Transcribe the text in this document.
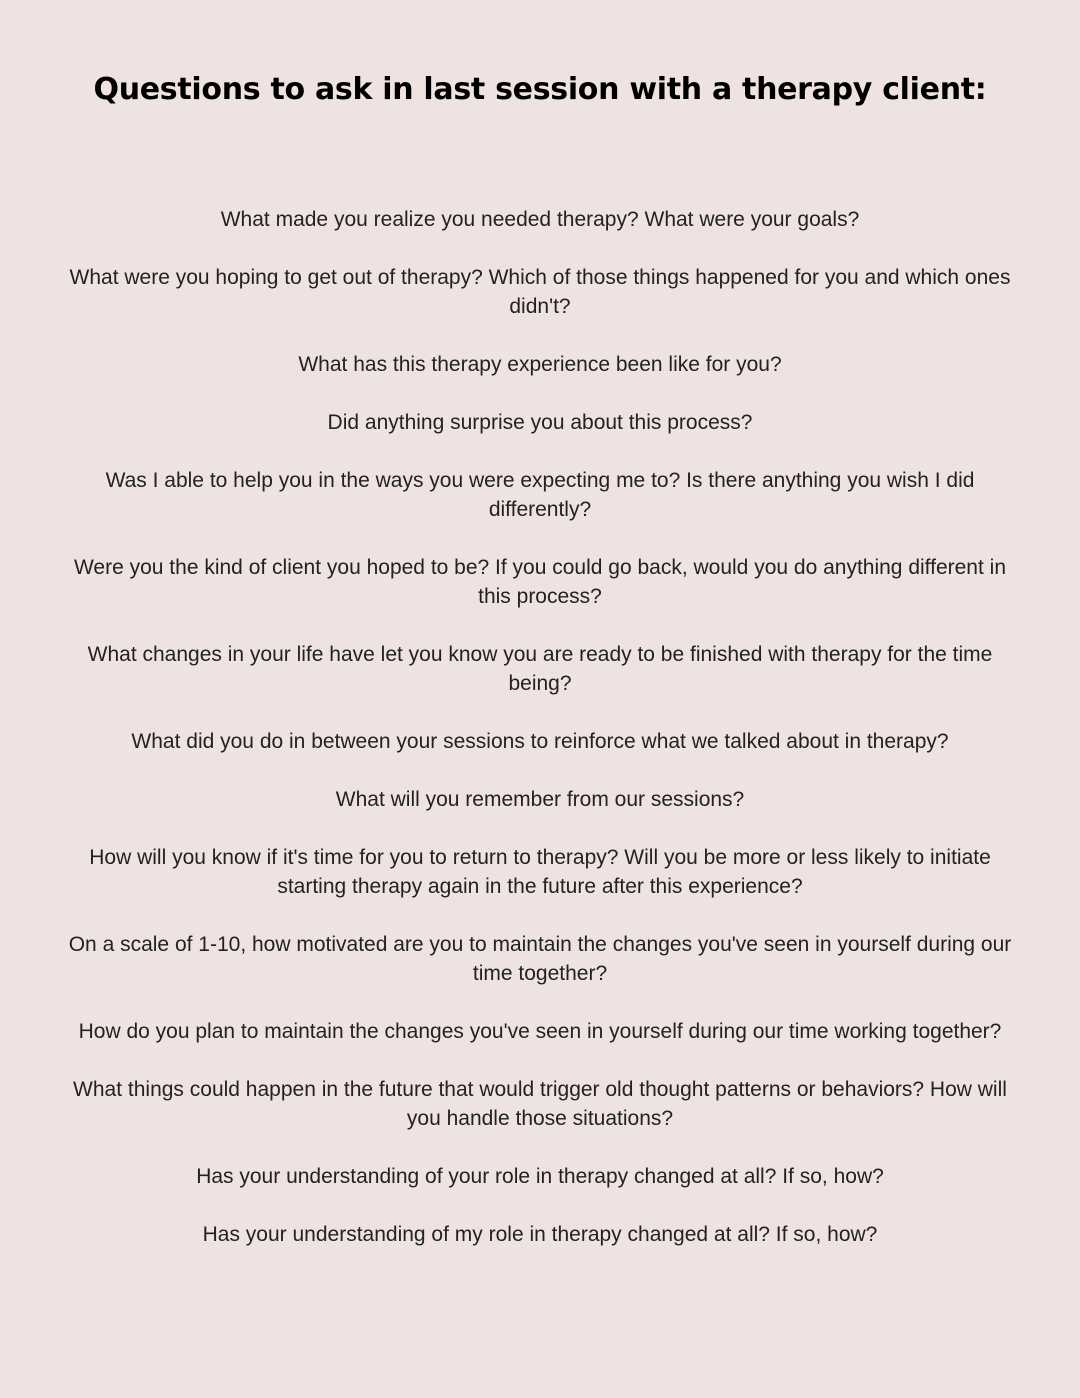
Questions to ask in last session with a therapy client:
What made you realize you needed therapy? What were your goals?
What were you hoping to get out of therapy? Which of those things happened for you and which ones didn't?
What has this therapy experience been like for you?
Did anything surprise you about this process?
Was I able to help you in the ways you were expecting me to? Is there anything you wish I did differently?
Were you the kind of client you hoped to be? If you could go back, would you do anything different in this process?
What changes in your life have let you know you are ready to be finished with therapy for the time being?
What did you do in between your sessions to reinforce what we talked about in therapy?
What will you remember from our sessions?
How will you know if it's time for you to return to therapy? Will you be more or less likely to initiate starting therapy again in the future after this experience?
On a scale of 1-10, how motivated are you to maintain the changes you've seen in yourself during our time together?
How do you plan to maintain the changes you've seen in yourself during our time working together?
What things could happen in the future that would trigger old thought patterns or behaviors? How will you handle those situations?
Has your understanding of your role in therapy changed at all? If so, how?
Has your understanding of my role in therapy changed at all? If so, how?
